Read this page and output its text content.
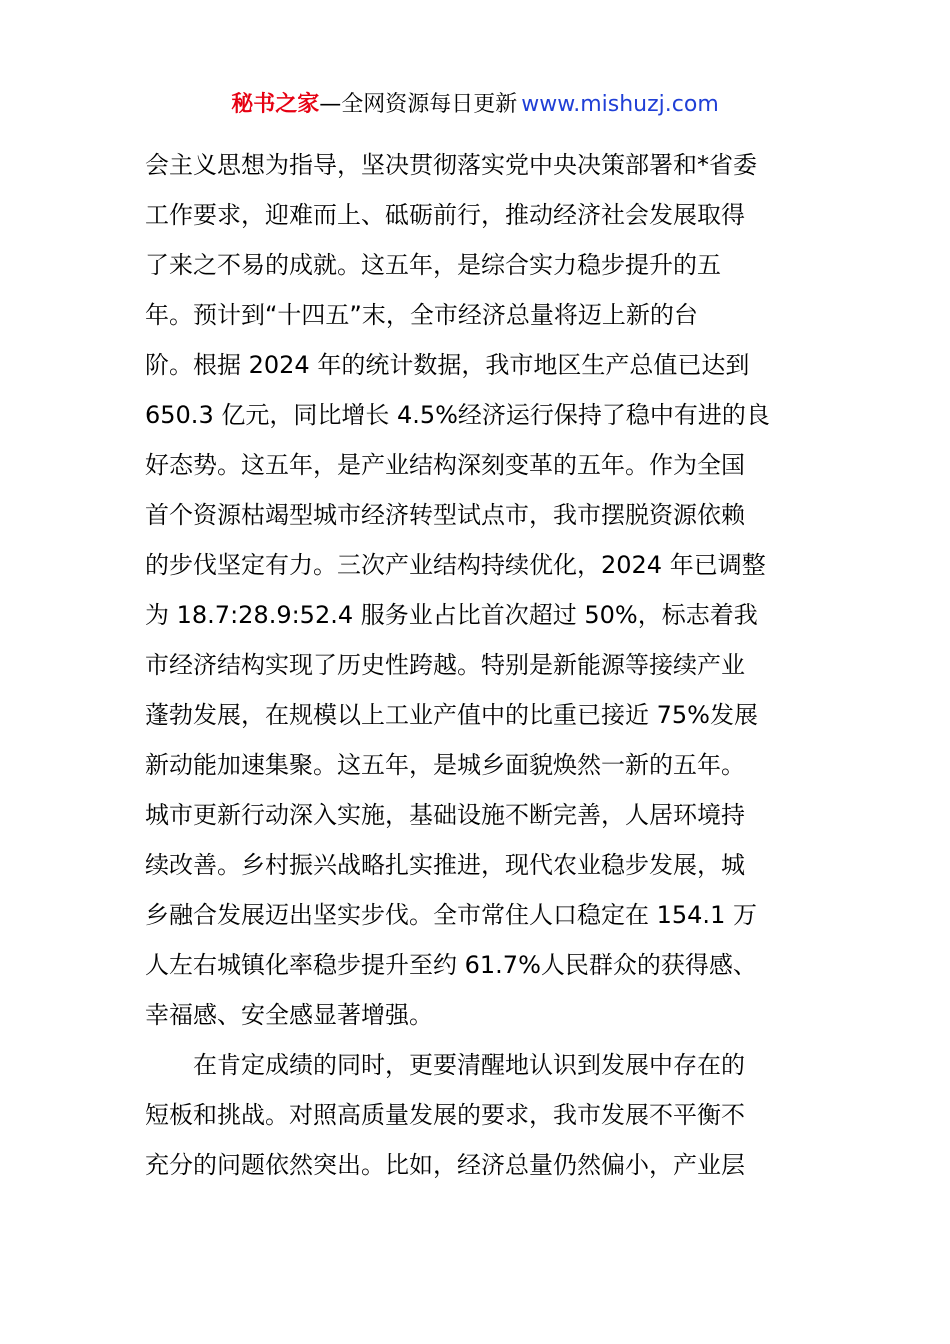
秘书之家—全网资源每日更新 www.mishuzj.com
会主义思想为指导，坚决贯彻落实党中央决策部署和*省委
工作要求，迎难而上、砥砺前行，推动经济社会发展取得
了来之不易的成就。这五年，是综合实力稳步提升的五
年。预计到“十四五”末，全市经济总量将迈上新的台
阶。根据 2024 年的统计数据，我市地区生产总值已达到
650.3 亿元，同比增长 4.5%经济运行保持了稳中有进的良
好态势。这五年，是产业结构深刻变革的五年。作为全国
首个资源枯竭型城市经济转型试点市，我市摆脱资源依赖
的步伐坚定有力。三次产业结构持续优化，2024 年已调整
为 18.7:28.9:52.4 服务业占比首次超过 50%，标志着我
市经济结构实现了历史性跨越。特别是新能源等接续产业
蓬勃发展，在规模以上工业产值中的比重已接近 75%发展
新动能加速集聚。这五年，是城乡面貌焕然一新的五年。
城市更新行动深入实施，基础设施不断完善，人居环境持
续改善。乡村振兴战略扎实推进，现代农业稳步发展，城
乡融合发展迈出坚实步伐。全市常住人口稳定在 154.1 万
人左右城镇化率稳步提升至约 61.7%人民群众的获得感、
幸福感、安全感显著增强。
　　在肯定成绩的同时，更要清醒地认识到发展中存在的
短板和挑战。对照高质量发展的要求，我市发展不平衡不
充分的问题依然突出。比如，经济总量仍然偏小，产业层
